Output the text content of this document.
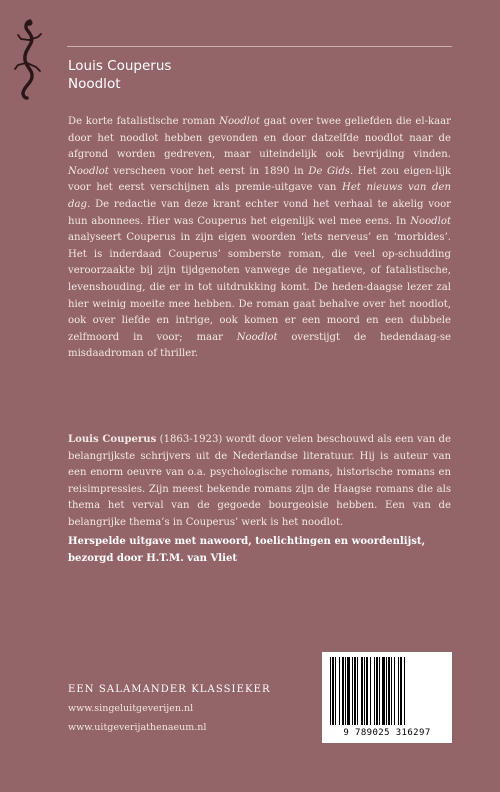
Louis Couperus
Noodlot
De korte fatalistische roman Noodlot gaat over twee geliefden die el-kaar door het noodlot hebben gevonden en door datzelfde noodlot naar de afgrond worden gedreven, maar uiteindelijk ook bevrijding vinden. Noodlot verscheen voor het eerst in 1890 in De Gids. Het zou eigen-lijk voor het eerst verschijnen als premie-uitgave van Het nieuws van den dag. De redactie van deze krant echter vond het verhaal te akelig voor hun abonnees. Hier was Couperus het eigenlijk wel mee eens. In Noodlot analyseert Couperus in zijn eigen woorden ‘iets nerveus’ en ‘morbides’. Het is inderdaad Couperus’ somberste roman, die veel op-schudding veroorzaakte bij zijn tijdgenoten vanwege de negatieve, of fatalistische, levenshouding, die er in tot uitdrukking komt. De heden-daagse lezer zal hier weinig moeite mee hebben. De roman gaat behalve over het noodlot, ook over liefde en intrige, ook komen er een moord en een dubbele zelfmoord in voor; maar Noodlot overstijgt de hedendaag-se misdaadroman of thriller.
Louis Couperus (1863-1923) wordt door velen beschouwd als een van de belangrijkste schrijvers uit de Nederlandse literatuur. Hij is auteur van een enorm oeuvre van o.a. psychologische romans, historische romans en reisimpressies. Zijn meest bekende romans zijn de Haagse romans die als thema het verval van de gegoede bourgeoisie hebben. Een van de belangrijke thema’s in Couperus’ werk is het noodlot.
Herspelde uitgave met nawoord, toelichtingen en woordenlijst, bezorgd door H.T.M. van Vliet
EEN SALAMANDER KLASSIEKER
www.singeluitgeverijen.nl
www.uitgeverijathenaeum.nl	9 789025 316297
